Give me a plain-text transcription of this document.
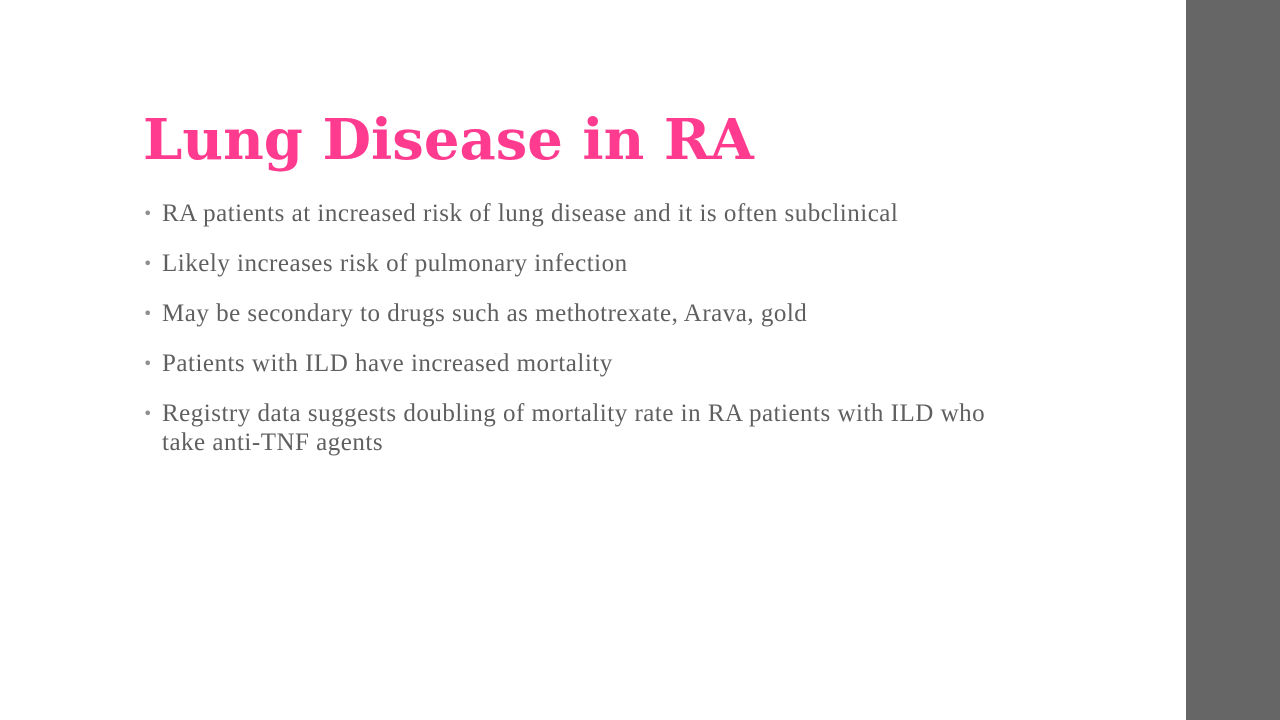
Lung Disease in RA
• RA patients at increased risk of lung disease and it is often subclinical
• Likely increases risk of pulmonary infection
• May be secondary to drugs such as methotrexate, Arava, gold
• Patients with ILD have increased mortality
• Registry data suggests doubling of mortality rate in RA patients with ILD who take anti-TNF agents
